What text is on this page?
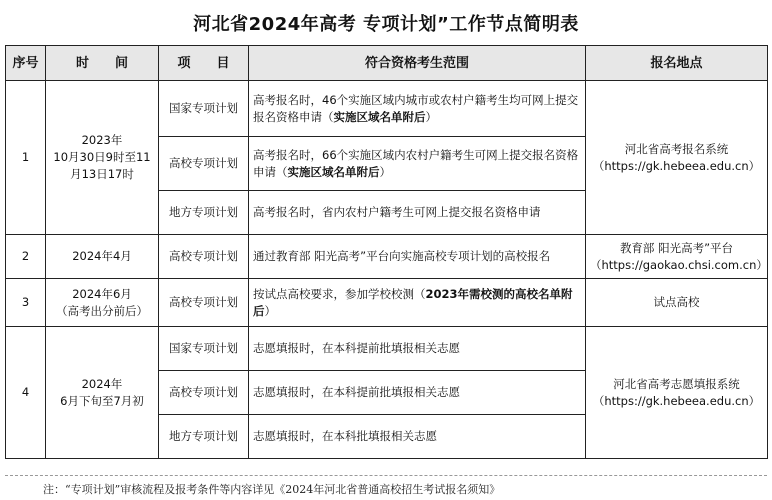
河北省2024年高考 专项计划”工作节点简明表
序号	时　　间	项　　目	符合资格考生范围	报名地点
1	2023年
10月30日9时至11
月13日17时	国家专项计划	高考报名时，46个实施区域内城市或农村户籍考生均可网上提交报名资格申请（实施区域名单附后）	河北省高考报名系统
（https://gk.hebeea.edu.cn）
		高校专项计划	高考报名时，66个实施区域内农村户籍考生可网上提交报名资格申请（实施区域名单附后）	
		地方专项计划	高考报名时，省内农村户籍考生可网上提交报名资格申请	
2	2024年4月	高校专项计划	通过教育部 阳光高考”平台向实施高校专项计划的高校报名	教育部 阳光高考”平台
（https://gaokao.chsi.com.cn）
3	2024年6月
（高考出分前后）	高校专项计划	按试点高校要求，参加学校校测（2023年需校测的高校名单附后）	试点高校
4	2024年
6月下旬至7月初	国家专项计划	志愿填报时，在本科提前批填报相关志愿	河北省高考志愿填报系统
（https://gk.hebeea.edu.cn）
		高校专项计划	志愿填报时，在本科提前批填报相关志愿	
		地方专项计划	志愿填报时，在本科批填报相关志愿	
注：“专项计划”审核流程及报考条件等内容详见《2024年河北省普通高校招生考试报名须知》
